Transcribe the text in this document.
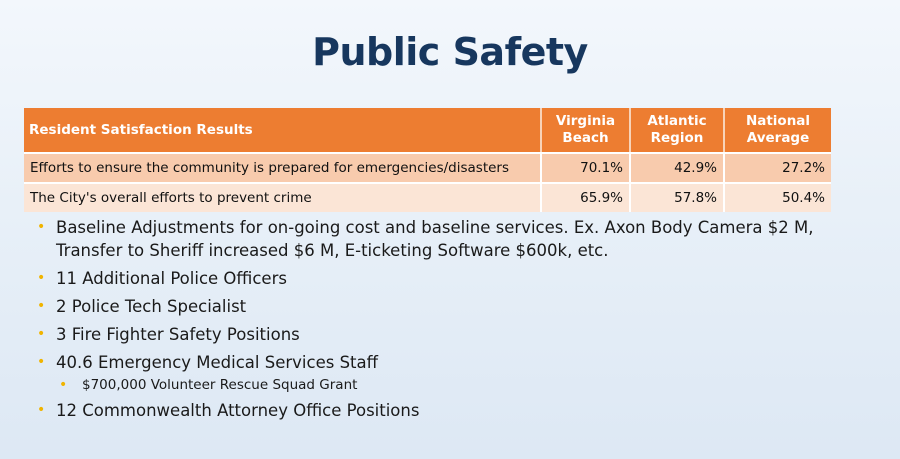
Public Safety
Resident Satisfaction Results	Virginia Beach	Atlantic Region	National Average
Efforts to ensure the community is prepared for emergencies/disasters	70.1%	42.9%	27.2%
The City's overall efforts to prevent crime	65.9%	57.8%	50.4%
• Baseline Adjustments for on-going cost and baseline services. Ex. Axon Body Camera $2 M, Transfer to Sheriff increased $6 M, E-ticketing Software $600k, etc.
• 11 Additional Police Officers
• 2 Police Tech Specialist
• 3 Fire Fighter Safety Positions
• 40.6 Emergency Medical Services Staff
• $700,000 Volunteer Rescue Squad Grant
• 12 Commonwealth Attorney Office Positions
